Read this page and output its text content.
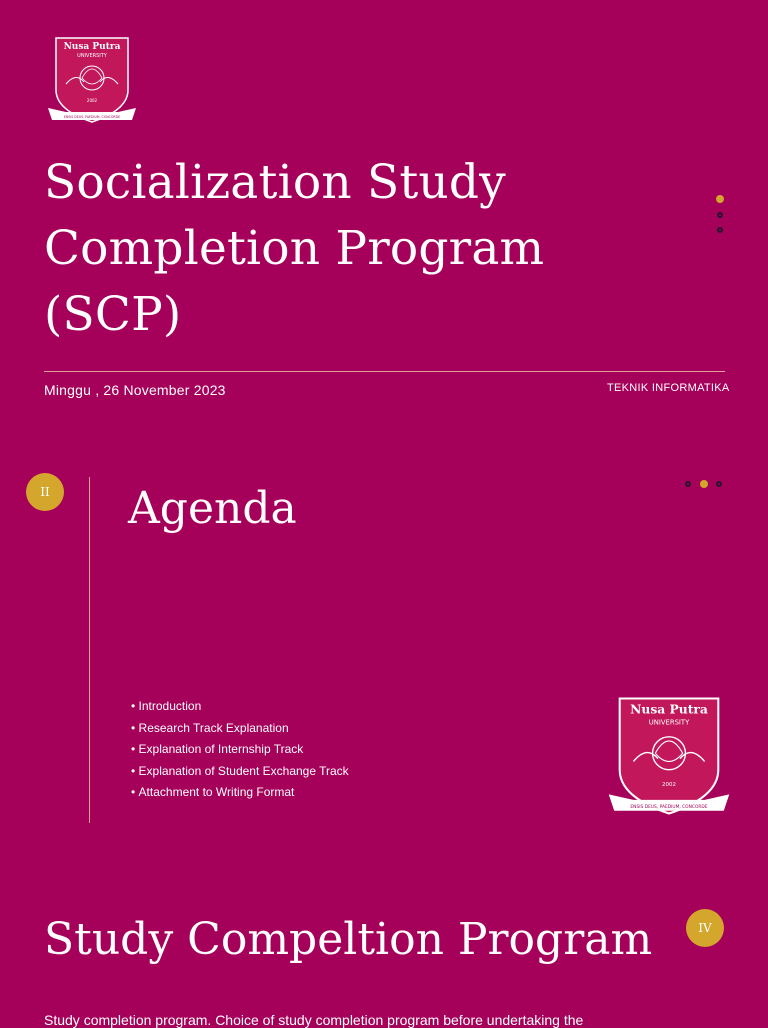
Nusa Putra
UNIVERSITY
2002
ENSIS DEUS, PAEDIUM, CONCORDE
Socialization Study
Completion Program (SCP)
Minggu , 26 November 2023	TEKNIK INFORMATIKA
II	Agenda
• Introduction
• Research Track Explanation
• Explanation of Internship Track
• Explanation of Student Exchange Track
• Attachment to Writing Format
Nusa Putra
UNIVERSITY
2002
ENSIS DEUS, PAEDIUM, CONCORDE
IV
Study Compeltion Program
Study completion program. Choice of study completion program before undertaking the
